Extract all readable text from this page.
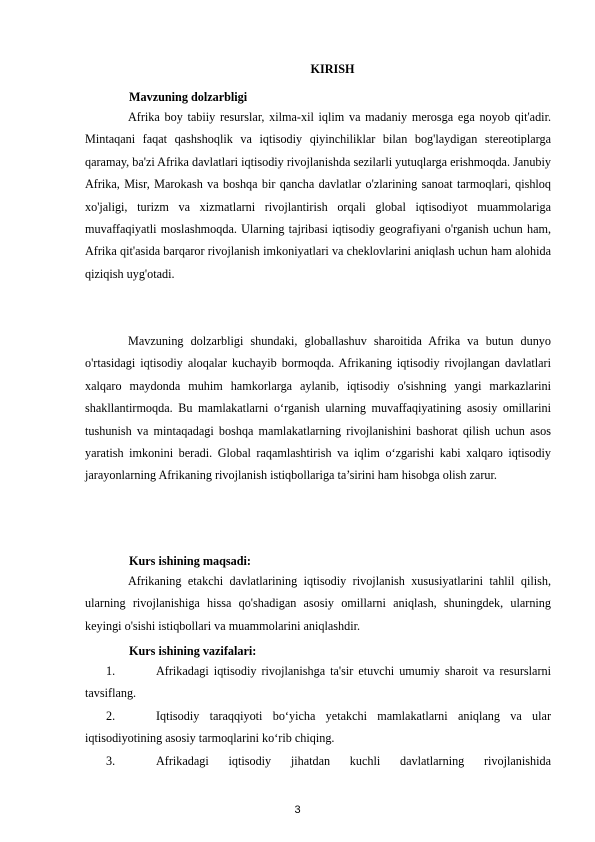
KIRISH
Mavzuning dolzarbligi
Afrika boy tabiiy resurslar, xilma-xil iqlim va madaniy merosga ega noyob qit'adir. Mintaqani faqat qashshoqlik va iqtisodiy qiyinchiliklar bilan bog'laydigan stereotiplarga qaramay, ba'zi Afrika davlatlari iqtisodiy rivojlanishda sezilarli yutuqlarga erishmoqda. Janubiy Afrika, Misr, Marokash va boshqa bir qancha davlatlar o'zlarining sanoat tarmoqlari, qishloq xo'jaligi, turizm va xizmatlarni rivojlantirish orqali global iqtisodiyot muammolariga muvaffaqiyatli moslashmoqda. Ularning tajribasi iqtisodiy geografiyani o'rganish uchun ham, Afrika qit'asida barqaror rivojlanish imkoniyatlari va cheklovlarini aniqlash uchun ham alohida qiziqish uyg'otadi.
Mavzuning dolzarbligi shundaki, globallashuv sharoitida Afrika va butun dunyo o'rtasidagi iqtisodiy aloqalar kuchayib bormoqda. Afrikaning iqtisodiy rivojlangan davlatlari xalqaro maydonda muhim hamkorlarga aylanib, iqtisodiy o'sishning yangi markazlarini shakllantirmoqda. Bu mamlakatlarni o‘rganish ularning muvaffaqiyatining asosiy omillarini tushunish va mintaqadagi boshqa mamlakatlarning rivojlanishini bashorat qilish uchun asos yaratish imkonini beradi. Global raqamlashtirish va iqlim o‘zgarishi kabi xalqaro iqtisodiy jarayonlarning Afrikaning rivojlanish istiqbollariga ta’sirini ham hisobga olish zarur.
Kurs ishining maqsadi:
Afrikaning etakchi davlatlarining iqtisodiy rivojlanish xususiyatlarini tahlil qilish, ularning rivojlanishiga hissa qo'shadigan asosiy omillarni aniqlash, shuningdek, ularning keyingi o'sishi istiqbollari va muammolarini aniqlashdir.
Kurs ishining vazifalari:
1.	Afrikadagi iqtisodiy rivojlanishga ta'sir etuvchi umumiy sharoit va resurslarni tavsiflang.
2.	Iqtisodiy taraqqiyoti bo‘yicha yetakchi mamlakatlarni aniqlang va ular iqtisodiyotining asosiy tarmoqlarini ko‘rib chiqing.
3.	Afrikadagi iqtisodiy jihatdan kuchli davlatlarning rivojlanishida
3
